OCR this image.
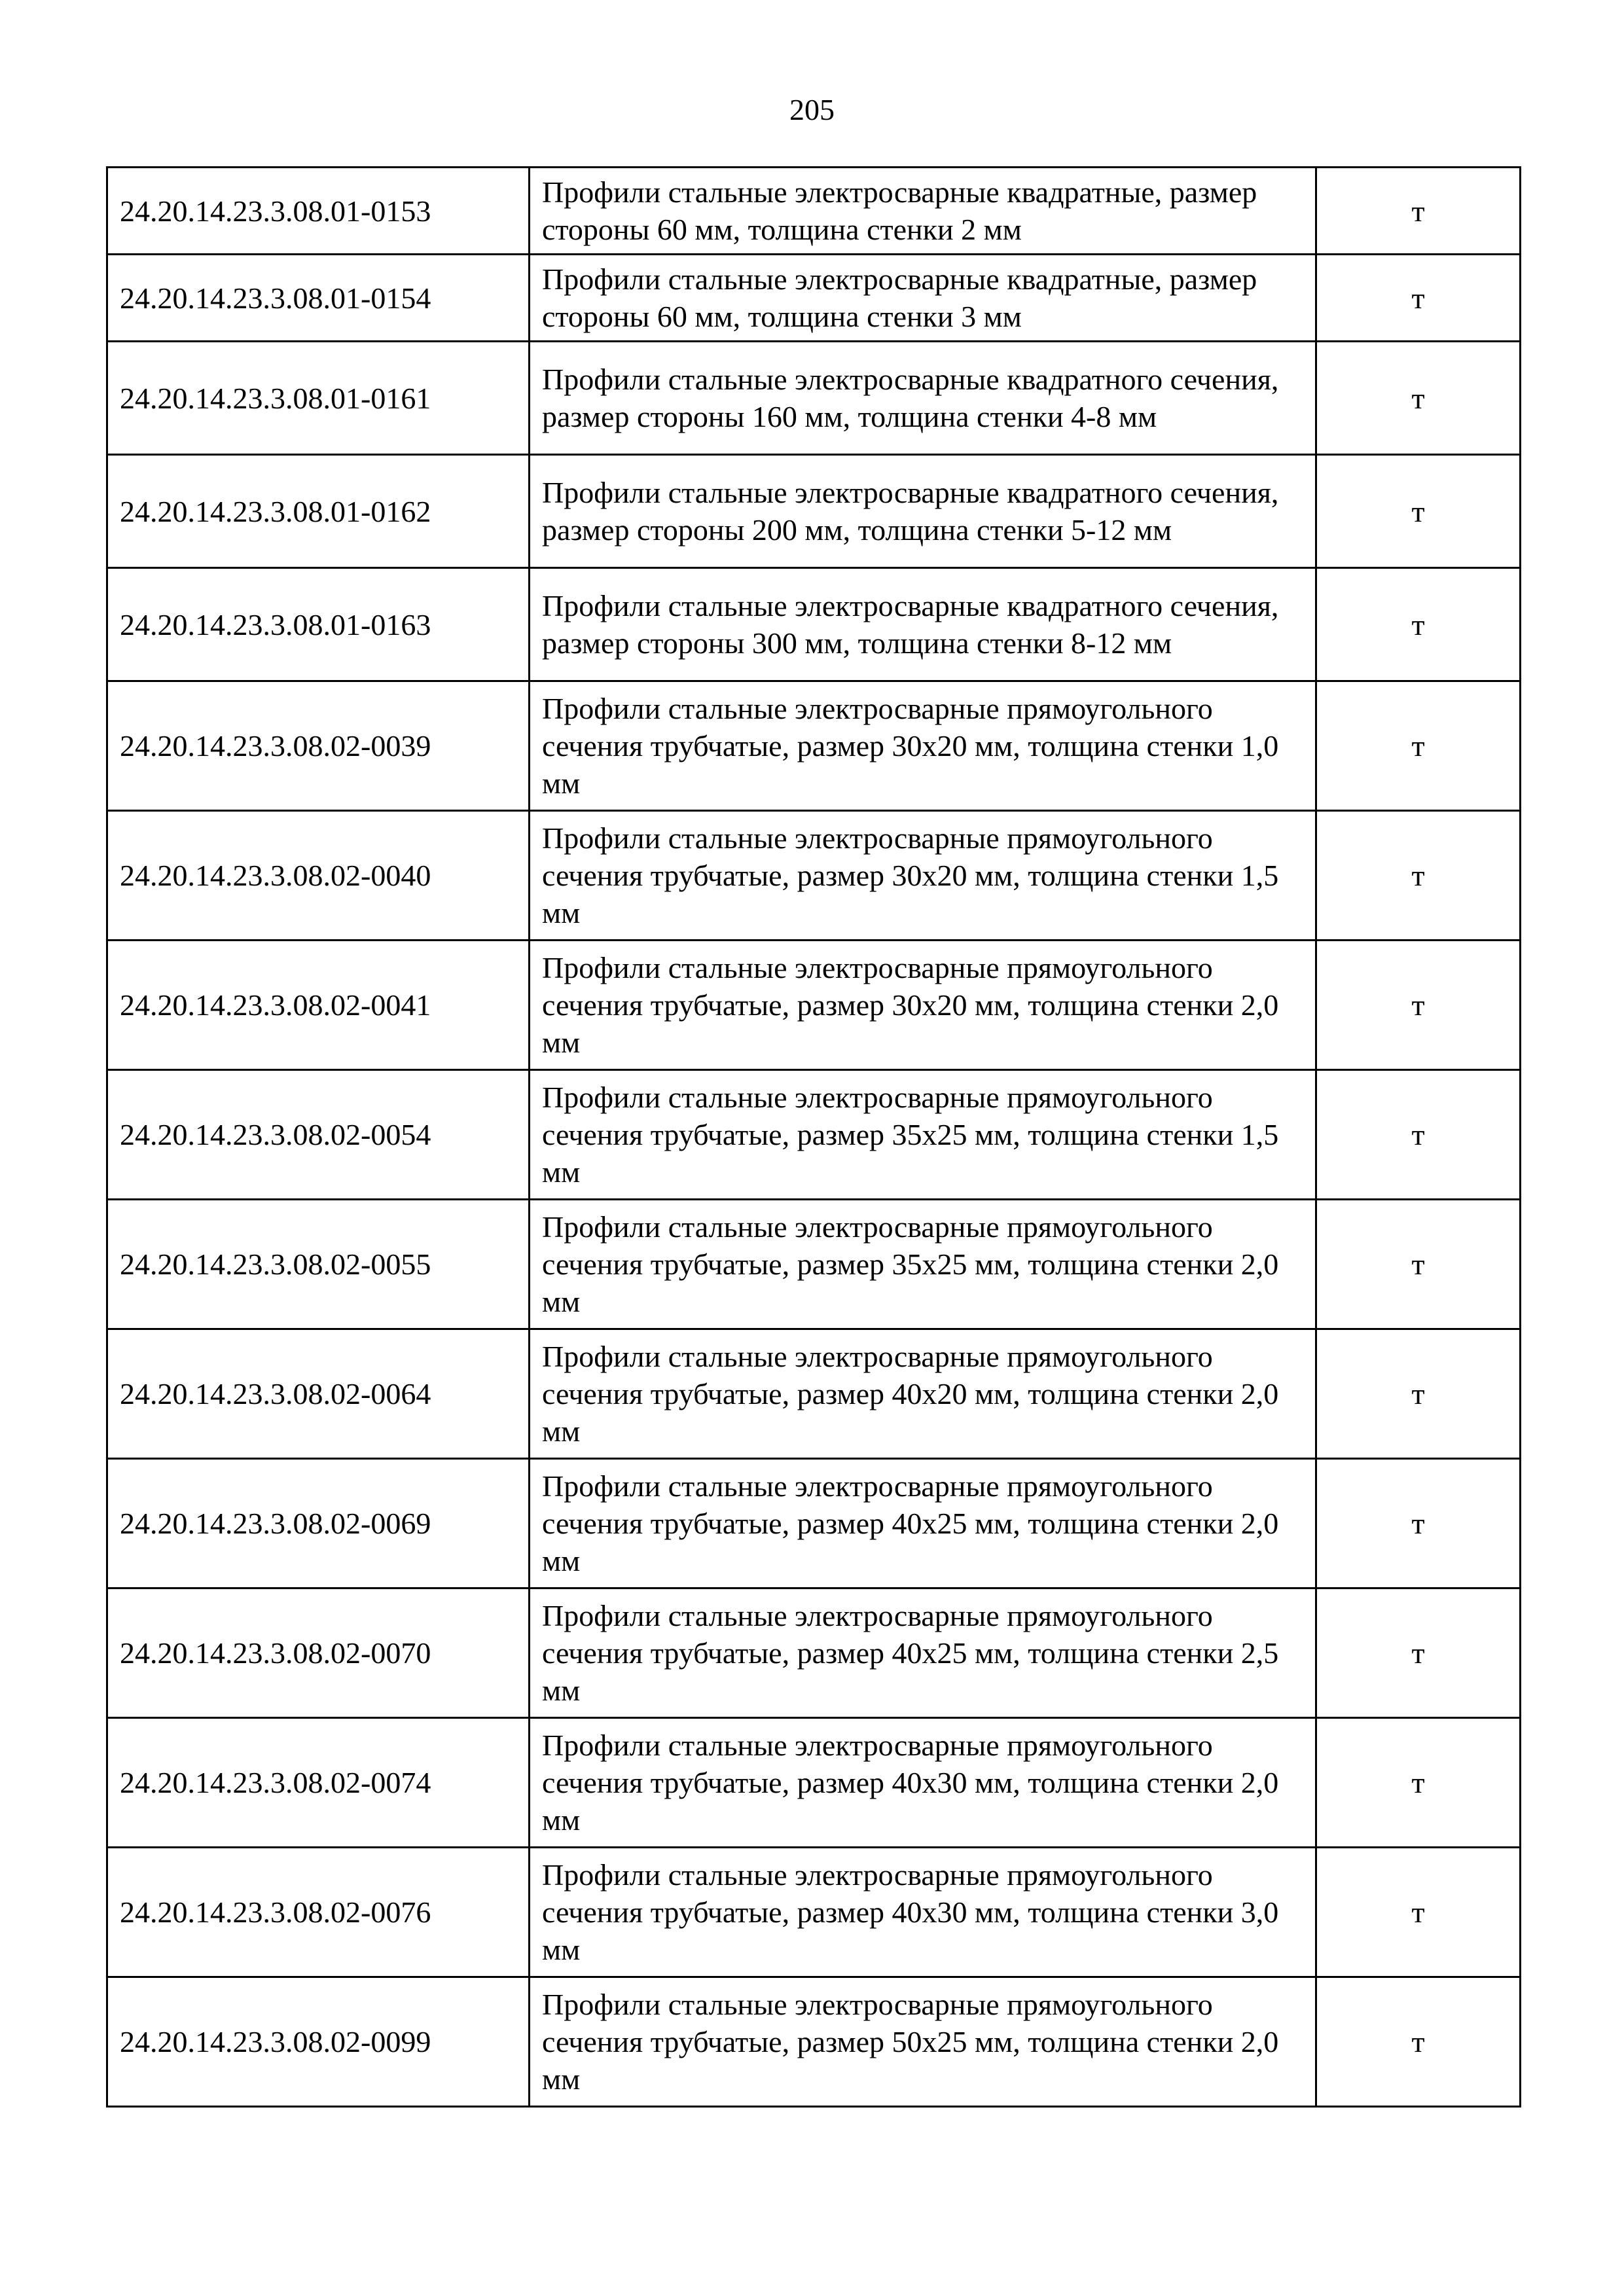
205
24.20.14.23.3.08.01-0153	Профили стальные электросварные квадратные, размер стороны 60 мм, толщина стенки 2 мм	т
24.20.14.23.3.08.01-0154	Профили стальные электросварные квадратные, размер стороны 60 мм, толщина стенки 3 мм	т
24.20.14.23.3.08.01-0161	Профили стальные электросварные квадратного сечения, размер стороны 160 мм, толщина стенки 4-8 мм	т
24.20.14.23.3.08.01-0162	Профили стальные электросварные квадратного сечения, размер стороны 200 мм, толщина стенки 5-12 мм	т
24.20.14.23.3.08.01-0163	Профили стальные электросварные квадратного сечения, размер стороны 300 мм, толщина стенки 8-12 мм	т
24.20.14.23.3.08.02-0039	Профили стальные электросварные прямоугольного сечения трубчатые, размер 30x20 мм, толщина стенки 1,0 мм	т
24.20.14.23.3.08.02-0040	Профили стальные электросварные прямоугольного сечения трубчатые, размер 30x20 мм, толщина стенки 1,5 мм	т
24.20.14.23.3.08.02-0041	Профили стальные электросварные прямоугольного сечения трубчатые, размер 30x20 мм, толщина стенки 2,0 мм	т
24.20.14.23.3.08.02-0054	Профили стальные электросварные прямоугольного сечения трубчатые, размер 35x25 мм, толщина стенки 1,5 мм	т
24.20.14.23.3.08.02-0055	Профили стальные электросварные прямоугольного сечения трубчатые, размер 35x25 мм, толщина стенки 2,0 мм	т
24.20.14.23.3.08.02-0064	Профили стальные электросварные прямоугольного сечения трубчатые, размер 40x20 мм, толщина стенки 2,0 мм	т
24.20.14.23.3.08.02-0069	Профили стальные электросварные прямоугольного сечения трубчатые, размер 40x25 мм, толщина стенки 2,0 мм	т
24.20.14.23.3.08.02-0070	Профили стальные электросварные прямоугольного сечения трубчатые, размер 40x25 мм, толщина стенки 2,5 мм	т
24.20.14.23.3.08.02-0074	Профили стальные электросварные прямоугольного сечения трубчатые, размер 40x30 мм, толщина стенки 2,0 мм	т
24.20.14.23.3.08.02-0076	Профили стальные электросварные прямоугольного сечения трубчатые, размер 40x30 мм, толщина стенки 3,0 мм	т
24.20.14.23.3.08.02-0099	Профили стальные электросварные прямоугольного сечения трубчатые, размер 50x25 мм, толщина стенки 2,0 мм	т
